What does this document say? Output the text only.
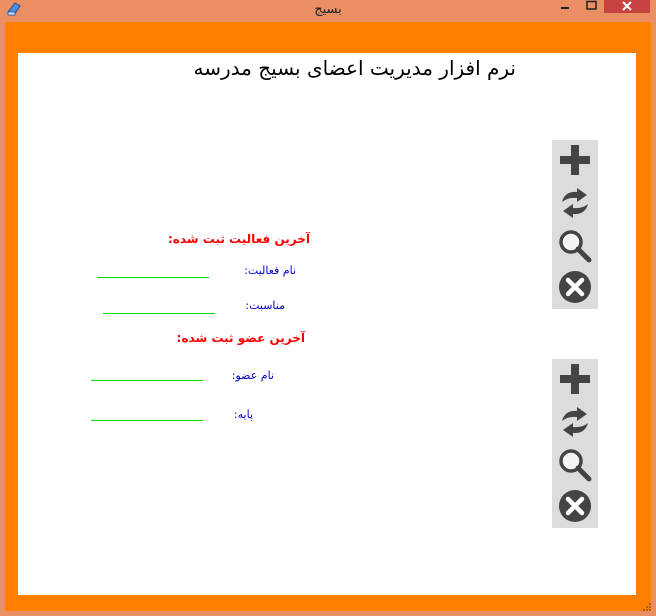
بسیج
نرم افزار مدیریت اعضای بسیج مدرسه
آخرین فعالیت ثبت شده:
نام فعالیت:
مناسبت:
آخرین عضو ثبت شده:
نام عضو:
پایه:
